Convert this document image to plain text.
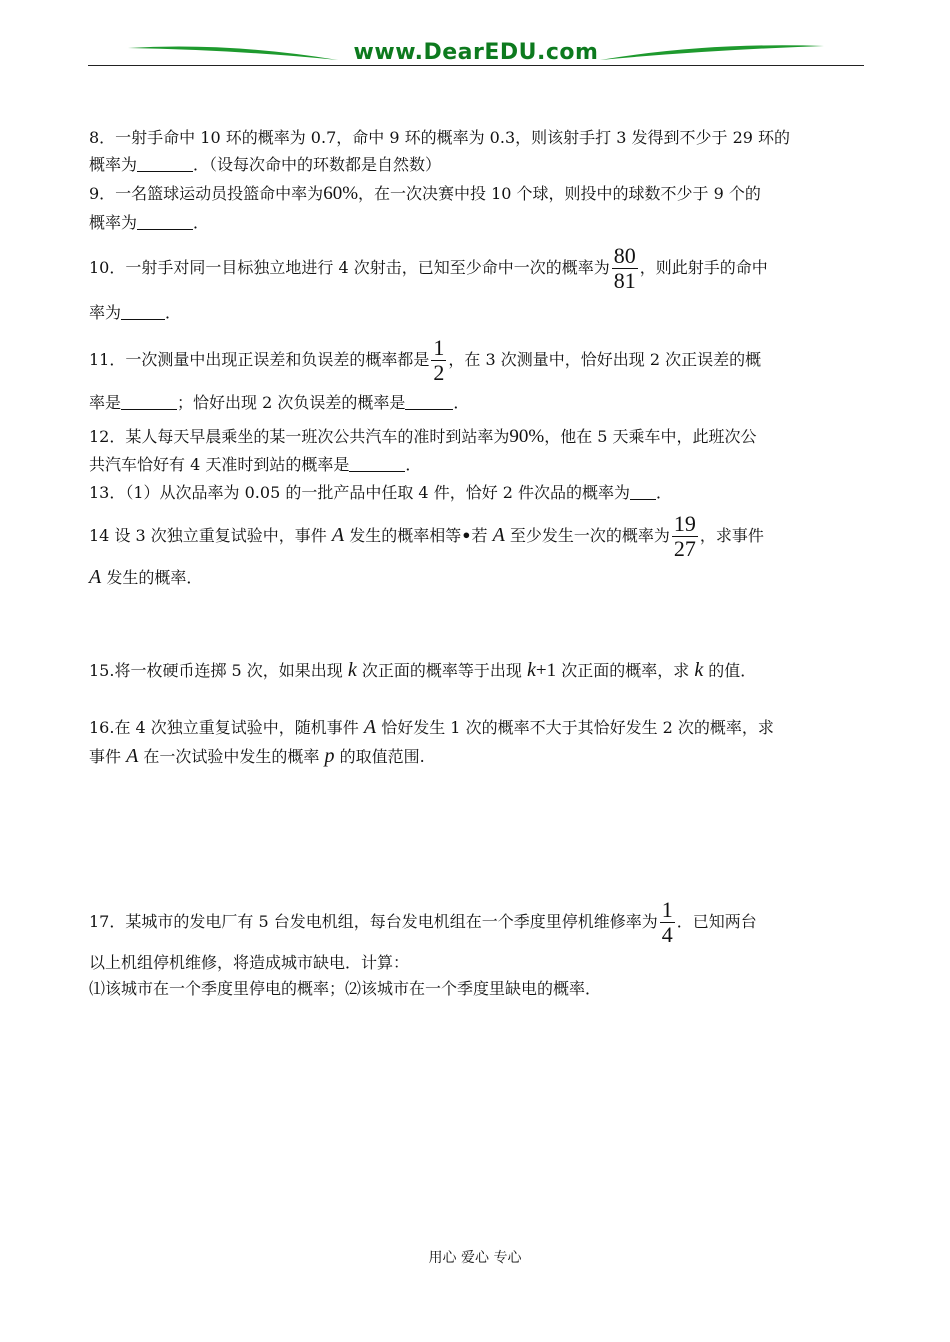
www.DearEDU.com
8．一射手命中 10 环的概率为 0.7，命中 9 环的概率为 0.3，则该射手打 3 发得到不少于 29 环的
概率为	．（设每次命中的环数都是自然数）
9．一名篮球运动员投篮命中率为60%，在一次决赛中投 10 个球，则投中的球数不少于 9 个的
概率为	．
10．一射手对同一目标独立地进行 4 次射击，已知至少命中一次的概率为 $\frac{80}{81}$ ，则此射手的命中
率为	．
11．一次测量中出现正误差和负误差的概率都是 $\frac{1}{2}$ ，在 3 次测量中，恰好出现 2 次正误差的概
率是	；恰好出现 2 次负误差的概率是	．
12．某人每天早晨乘坐的某一班次公共汽车的准时到站率为90%，他在 5 天乘车中，此班次公
共汽车恰好有 4 天准时到站的概率是	．
13．（1）从次品率为 0.05 的一批产品中任取 4 件，恰好 2 件次品的概率为 ．
14 设 3 次独立重复试验中，事件 A 发生的概率相等•若 A 至少发生一次的概率为 $\frac{19}{27}$ ，求事件
A 发生的概率．
15.将一枚硬币连掷 5 次，如果出现 k 次正面的概率等于出现 k+1 次正面的概率，求 k 的值．
16.在 4 次独立重复试验中，随机事件 A 恰好发生 1 次的概率不大于其恰好发生 2 次的概率，求
事件 A 在一次试验中发生的概率 p 的取值范围.
17．某城市的发电厂有 5 台发电机组，每台发电机组在一个季度里停机维修率为 $\frac{1}{4}$ ．已知两台
以上机组停机维修，将造成城市缺电．计算：
⑴该城市在一个季度里停电的概率；⑵该城市在一个季度里缺电的概率．
用心 爱心 专心
